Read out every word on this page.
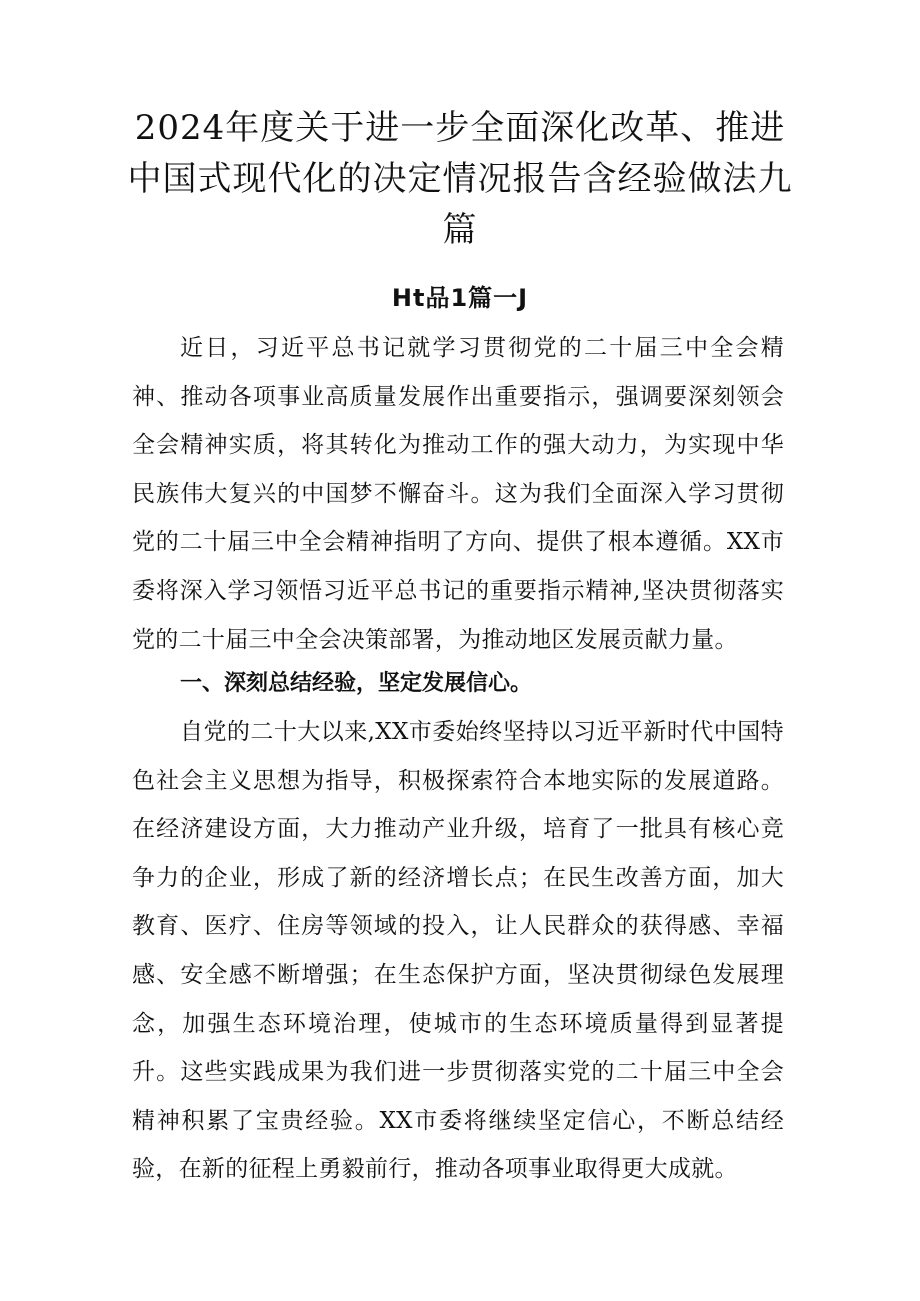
2024年度关于进一步全面深化改革、推进中国式现代化的决定情况报告含经验做法九篇
Ht品1篇一J

近日，习近平总书记就学习贯彻党的二十届三中全会精神、推动各项事业高质量发展作出重要指示，强调要深刻领会全会精神实质，将其转化为推动工作的强大动力，为实现中华民族伟大复兴的中国梦不懈奋斗。这为我们全面深入学习贯彻党的二十届三中全会精神指明了方向、提供了根本遵循。XX市委将深入学习领悟习近平总书记的重要指示精神,坚决贯彻落实党的二十届三中全会决策部署，为推动地区发展贡献力量。

一、深刻总结经验，坚定发展信心。

自党的二十大以来,XX市委始终坚持以习近平新时代中国特色社会主义思想为指导，积极探索符合本地实际的发展道路。在经济建设方面，大力推动产业升级，培育了一批具有核心竞争力的企业，形成了新的经济增长点；在民生改善方面，加大教育、医疗、住房等领域的投入，让人民群众的获得感、幸福感、安全感不断增强；在生态保护方面，坚决贯彻绿色发展理念，加强生态环境治理，使城市的生态环境质量得到显著提升。这些实践成果为我们进一步贯彻落实党的二十届三中全会精神积累了宝贵经验。XX市委将继续坚定信心，不断总结经验，在新的征程上勇毅前行，推动各项事业取得更大成就。
